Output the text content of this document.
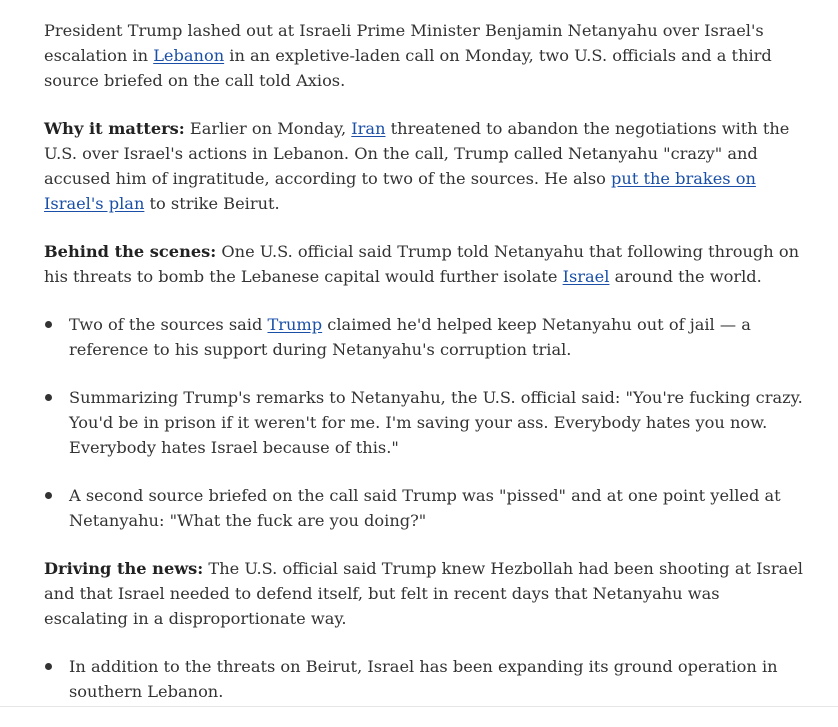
President Trump lashed out at Israeli Prime Minister Benjamin Netanyahu over Israel's escalation in Lebanon in an expletive-laden call on Monday, two U.S. officials and a third source briefed on the call told Axios.

Why it matters: Earlier on Monday, Iran threatened to abandon the negotiations with the U.S. over Israel's actions in Lebanon. On the call, Trump called Netanyahu "crazy" and accused him of ingratitude, according to two of the sources. He also put the brakes on Israel's plan to strike Beirut.

Behind the scenes: One U.S. official said Trump told Netanyahu that following through on his threats to bomb the Lebanese capital would further isolate Israel around the world.

Two of the sources said Trump claimed he'd helped keep Netanyahu out of jail — a reference to his support during Netanyahu's corruption trial.
Summarizing Trump's remarks to Netanyahu, the U.S. official said: "You're fucking crazy. You'd be in prison if it weren't for me. I'm saving your ass. Everybody hates you now. Everybody hates Israel because of this."
A second source briefed on the call said Trump was "pissed" and at one point yelled at Netanyahu: "What the fuck are you doing?"

Driving the news: The U.S. official said Trump knew Hezbollah had been shooting at Israel and that Israel needed to defend itself, but felt in recent days that Netanyahu was escalating in a disproportionate way.

In addition to the threats on Beirut, Israel has been expanding its ground operation in southern Lebanon.
